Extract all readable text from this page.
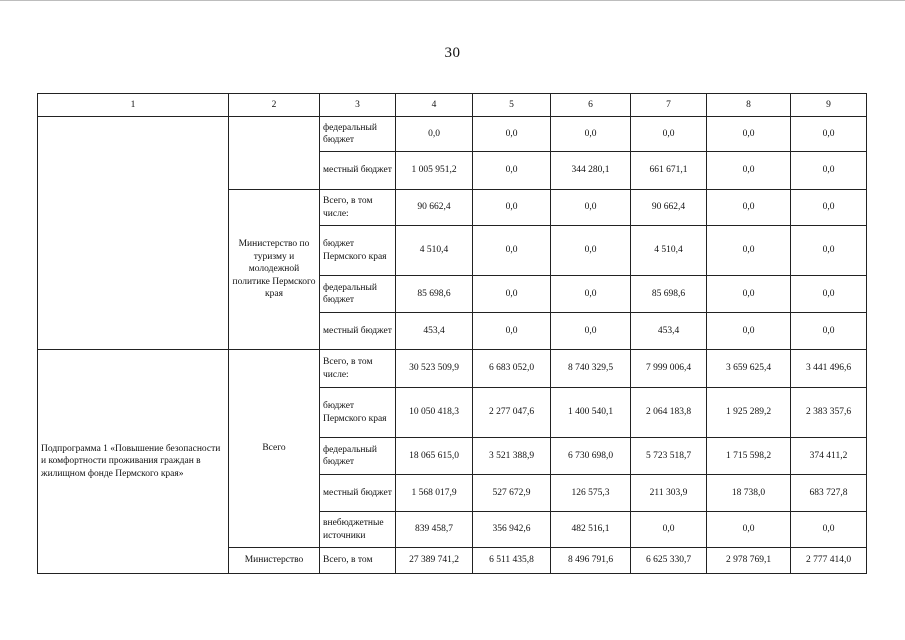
30
1	2	3	4	5	6	7	8	9
		федеральный бюджет	0,0	0,0	0,0	0,0	0,0	0,0
		местный бюджет	1 005 951,2	0,0	344 280,1	661 671,1	0,0	0,0
	Министерство по туризму и молодежной политике Пермского края	Всего, в том числе:	90 662,4	0,0	0,0	90 662,4	0,0	0,0
		бюджет Пермского края	4 510,4	0,0	0,0	4 510,4	0,0	0,0
		федеральный бюджет	85 698,6	0,0	0,0	85 698,6	0,0	0,0
		местный бюджет	453,4	0,0	0,0	453,4	0,0	0,0
Подпрограмма 1 «Повышение безопасности и комфортности проживания граждан в жилищном фонде Пермского края»	Всего	Всего, в том числе:	30 523 509,9	6 683 052,0	8 740 329,5	7 999 006,4	3 659 625,4	3 441 496,6
		бюджет Пермского края	10 050 418,3	2 277 047,6	1 400 540,1	2 064 183,8	1 925 289,2	2 383 357,6
		федеральный бюджет	18 065 615,0	3 521 388,9	6 730 698,0	5 723 518,7	1 715 598,2	374 411,2
		местный бюджет	1 568 017,9	527 672,9	126 575,3	211 303,9	18 738,0	683 727,8
		внебюджетные источники	839 458,7	356 942,6	482 516,1	0,0	0,0	0,0
	Министерство	Всего, в том	27 389 741,2	6 511 435,8	8 496 791,6	6 625 330,7	2 978 769,1	2 777 414,0
